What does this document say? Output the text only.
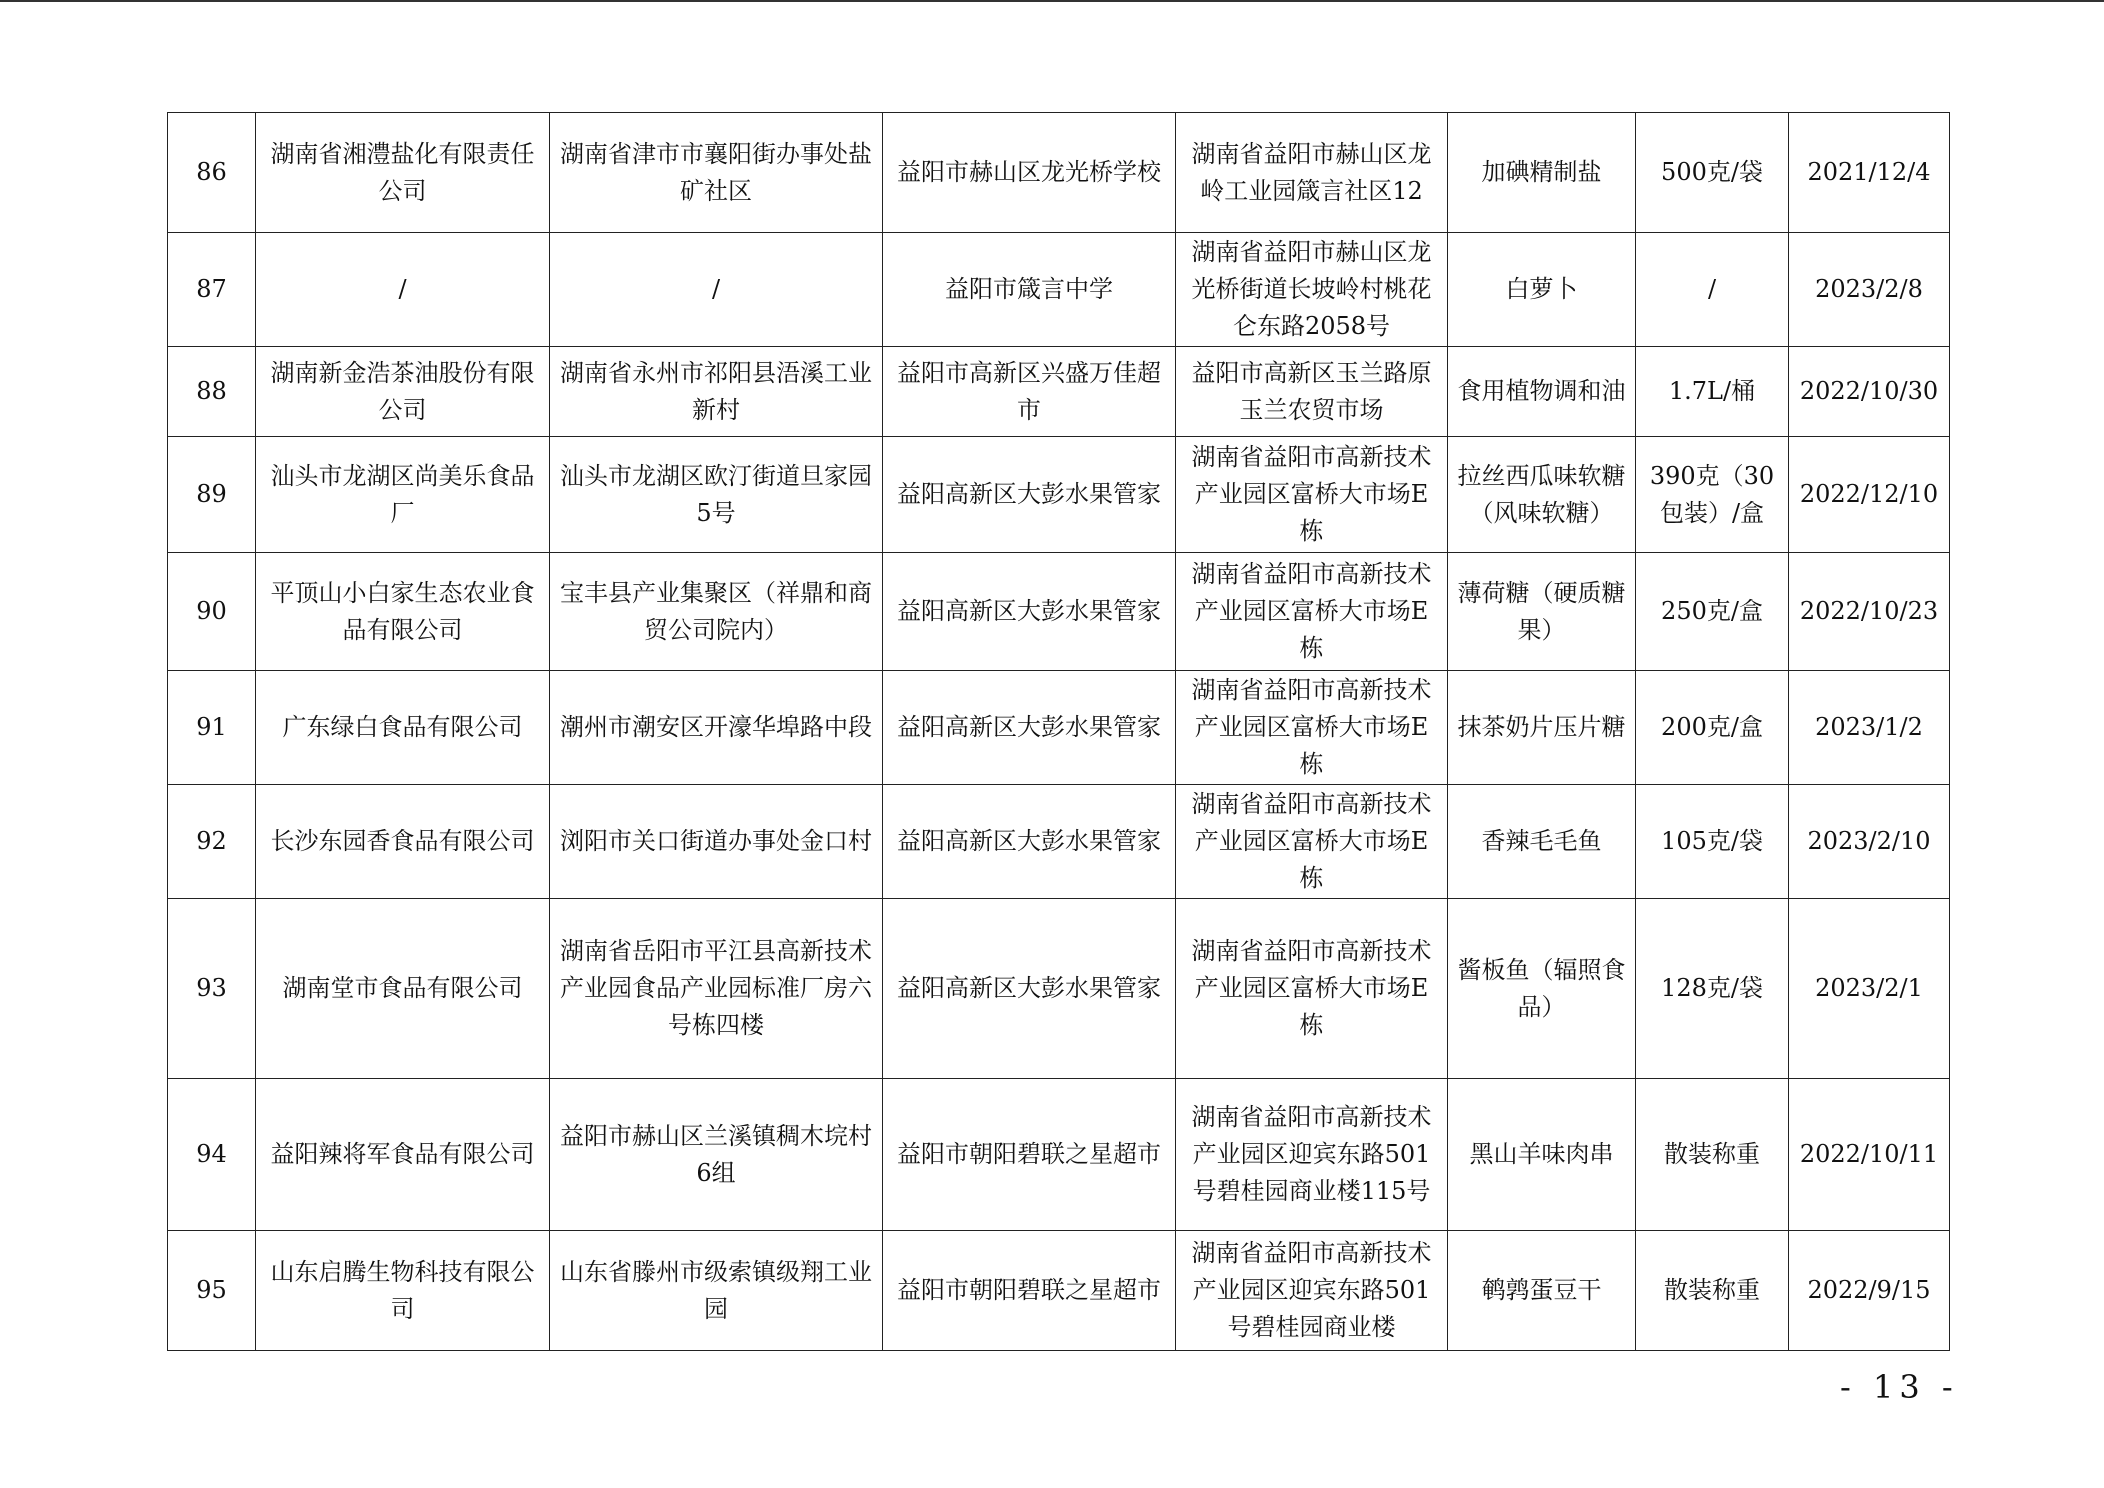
86	湖南省湘澧盐化有限责任公司	湖南省津市市襄阳街办事处盐矿社区	益阳市赫山区龙光桥学校	湖南省益阳市赫山区龙岭工业园箴言社区12	加碘精制盐	500克/袋	2021/12/4
87	/	/	益阳市箴言中学	湖南省益阳市赫山区龙光桥街道长坡岭村桃花仑东路2058号	白萝卜	/	2023/2/8
88	湖南新金浩茶油股份有限公司	湖南省永州市祁阳县浯溪工业新村	益阳市高新区兴盛万佳超市	益阳市高新区玉兰路原玉兰农贸市场	食用植物调和油	1.7L/桶	2022/10/30
89	汕头市龙湖区尚美乐食品厂	汕头市龙湖区欧汀街道旦家园5号	益阳高新区大彭水果管家	湖南省益阳市高新技术产业园区富桥大市场E栋	拉丝西瓜味软糖（风味软糖）	390克（30包装）/盒	2022/12/10
90	平顶山小白家生态农业食品有限公司	宝丰县产业集聚区（祥鼎和商贸公司院内）	益阳高新区大彭水果管家	湖南省益阳市高新技术产业园区富桥大市场E栋	薄荷糖（硬质糖果）	250克/盒	2022/10/23
91	广东绿白食品有限公司	潮州市潮安区开濠华埠路中段	益阳高新区大彭水果管家	湖南省益阳市高新技术产业园区富桥大市场E栋	抹茶奶片压片糖	200克/盒	2023/1/2
92	长沙东园香食品有限公司	浏阳市关口街道办事处金口村	益阳高新区大彭水果管家	湖南省益阳市高新技术产业园区富桥大市场E栋	香辣毛毛鱼	105克/袋	2023/2/10
93	湖南堂市食品有限公司	湖南省岳阳市平江县高新技术产业园食品产业园标准厂房六号栋四楼	益阳高新区大彭水果管家	湖南省益阳市高新技术产业园区富桥大市场E栋	酱板鱼（辐照食品）	128克/袋	2023/2/1
94	益阳辣将军食品有限公司	益阳市赫山区兰溪镇稠木垸村6组	益阳市朝阳碧联之星超市	湖南省益阳市高新技术产业园区迎宾东路501号碧桂园商业楼115号	黑山羊味肉串	散装称重	2022/10/11
95	山东启腾生物科技有限公司	山东省滕州市级索镇级翔工业园	益阳市朝阳碧联之星超市	湖南省益阳市高新技术产业园区迎宾东路501号碧桂园商业楼	鹌鹑蛋豆干	散装称重	2022/9/15
- 13 -
